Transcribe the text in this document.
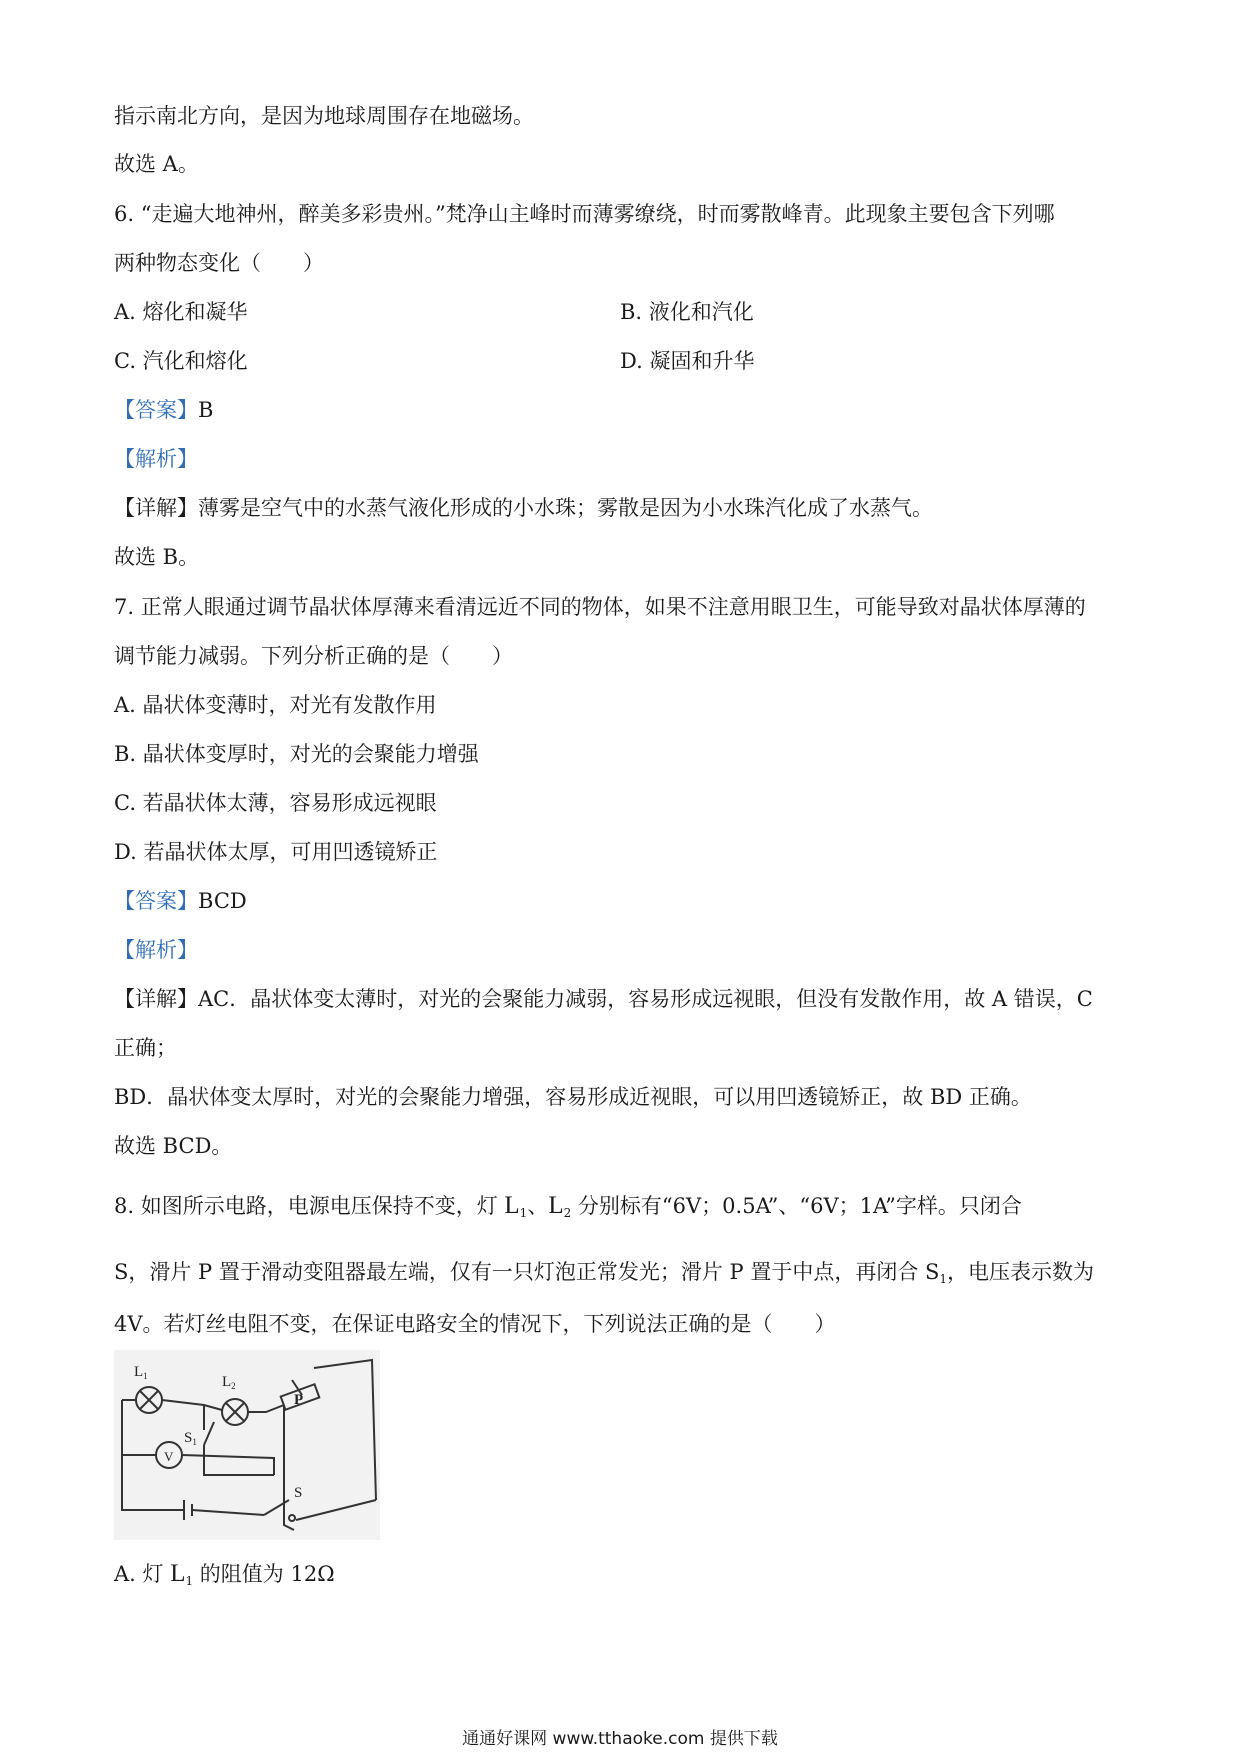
指示南北方向，是因为地球周围存在地磁场。
故选 A。
6. “走遍大地神州，醉美多彩贵州。”梵净山主峰时而薄雾缭绕，时而雾散峰青。此现象主要包含下列哪
两种物态变化（　　）
A. 熔化和凝华	B. 液化和汽化
C. 汽化和熔化	D. 凝固和升华
【答案】B
【解析】
【详解】薄雾是空气中的水蒸气液化形成的小水珠；雾散是因为小水珠汽化成了水蒸气。
故选 B。
7. 正常人眼通过调节晶状体厚薄来看清远近不同的物体，如果不注意用眼卫生，可能导致对晶状体厚薄的
调节能力减弱。下列分析正确的是（　　）
A. 晶状体变薄时，对光有发散作用
B. 晶状体变厚时，对光的会聚能力增强
C. 若晶状体太薄，容易形成远视眼
D. 若晶状体太厚，可用凹透镜矫正
【答案】BCD
【解析】
【详解】AC．晶状体变太薄时，对光的会聚能力减弱，容易形成远视眼，但没有发散作用，故 A 错误，C
正确；
BD．晶状体变太厚时，对光的会聚能力增强，容易形成近视眼，可以用凹透镜矫正，故 BD 正确。
故选 BCD。
8. 如图所示电路，电源电压保持不变，灯 $L_1$、$L_2$ 分别标有“6V；0.5A”、“6V；1A”字样。只闭合
S，滑片 P 置于滑动变阻器最左端，仅有一只灯泡正常发光；滑片 P 置于中点，再闭合 $S_1$，电压表示数为
4V。若灯丝电阻不变，在保证电路安全的情况下，下列说法正确的是（　　）
$L_1$	$L_2$
P
$S_1$
V
S
A. 灯 $L_1$ 的阻值为 12Ω
通通好课网 www.tthaoke.com 提供下载
